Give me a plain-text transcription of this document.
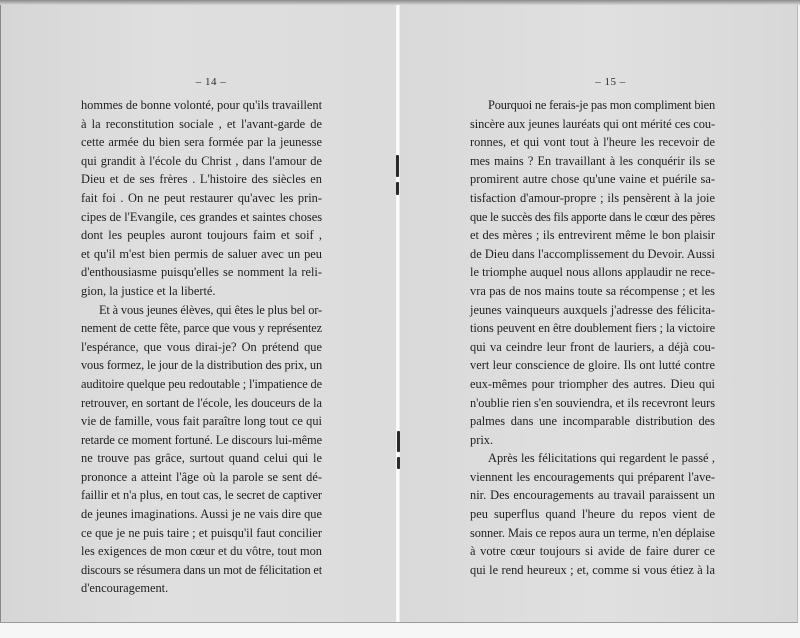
– 14 –
hommes de bonne volonté, pour qu'ils travaillent
à la reconstitution sociale , et l'avant-garde de
cette armée du bien sera formée par la jeunesse
qui grandit à l'école du Christ , dans l'amour de
Dieu et de ses frères . L'histoire des siècles en
fait foi . On ne peut restaurer qu'avec les prin-
cipes de l'Evangile, ces grandes et saintes choses
dont les peuples auront toujours faim et soif ,
et qu'il m'est bien permis de saluer avec un peu
d'enthousiasme puisqu'elles se nomment la reli-
gion, la justice et la liberté.
Et à vous jeunes élèves, qui êtes le plus bel or-
nement de cette fête, parce que vous y représentez
l'espérance, que vous dirai-je? On prétend que
vous formez, le jour de la distribution des prix, un
auditoire quelque peu redoutable ; l'impatience de
retrouver, en sortant de l'école, les douceurs de la
vie de famille, vous fait paraître long tout ce qui
retarde ce moment fortuné. Le discours lui-même
ne trouve pas grâce, surtout quand celui qui le
prononce a atteint l'âge où la parole se sent dé-
faillir et n'a plus, en tout cas, le secret de captiver
de jeunes imaginations. Aussi je ne vais dire que
ce que je ne puis taire ; et puisqu'il faut concilier
les exigences de mon cœur et du vôtre, tout mon
discours se résumera dans un mot de félicitation et
d'encouragement.
– 15 –
Pourquoi ne ferais-je pas mon compliment bien
sincère aux jeunes lauréats qui ont mérité ces cou-
ronnes, et qui vont tout à l'heure les recevoir de
mes mains ? En travaillant à les conquérir ils se
promirent autre chose qu'une vaine et puérile sa-
tisfaction d'amour-propre ; ils pensèrent à la joie
que le succès des fils apporte dans le cœur des pères
et des mères ; ils entrevirent même le bon plaisir
de Dieu dans l'accomplissement du Devoir. Aussi
le triomphe auquel nous allons applaudir ne rece-
vra pas de nos mains toute sa récompense ; et les
jeunes vainqueurs auxquels j'adresse des félicita-
tions peuvent en être doublement fiers ; la victoire
qui va ceindre leur front de lauriers, a déjà cou-
vert leur conscience de gloire. Ils ont lutté contre
eux-mêmes pour triompher des autres. Dieu qui
n'oublie rien s'en souviendra, et ils recevront leurs
palmes dans une incomparable distribution des
prix.
Après les félicitations qui regardent le passé ,
viennent les encouragements qui préparent l'ave-
nir. Des encouragements au travail paraissent un
peu superflus quand l'heure du repos vient de
sonner. Mais ce repos aura un terme, n'en déplaise
à votre cœur toujours si avide de faire durer ce
qui le rend heureux ; et, comme si vous étiez à la
